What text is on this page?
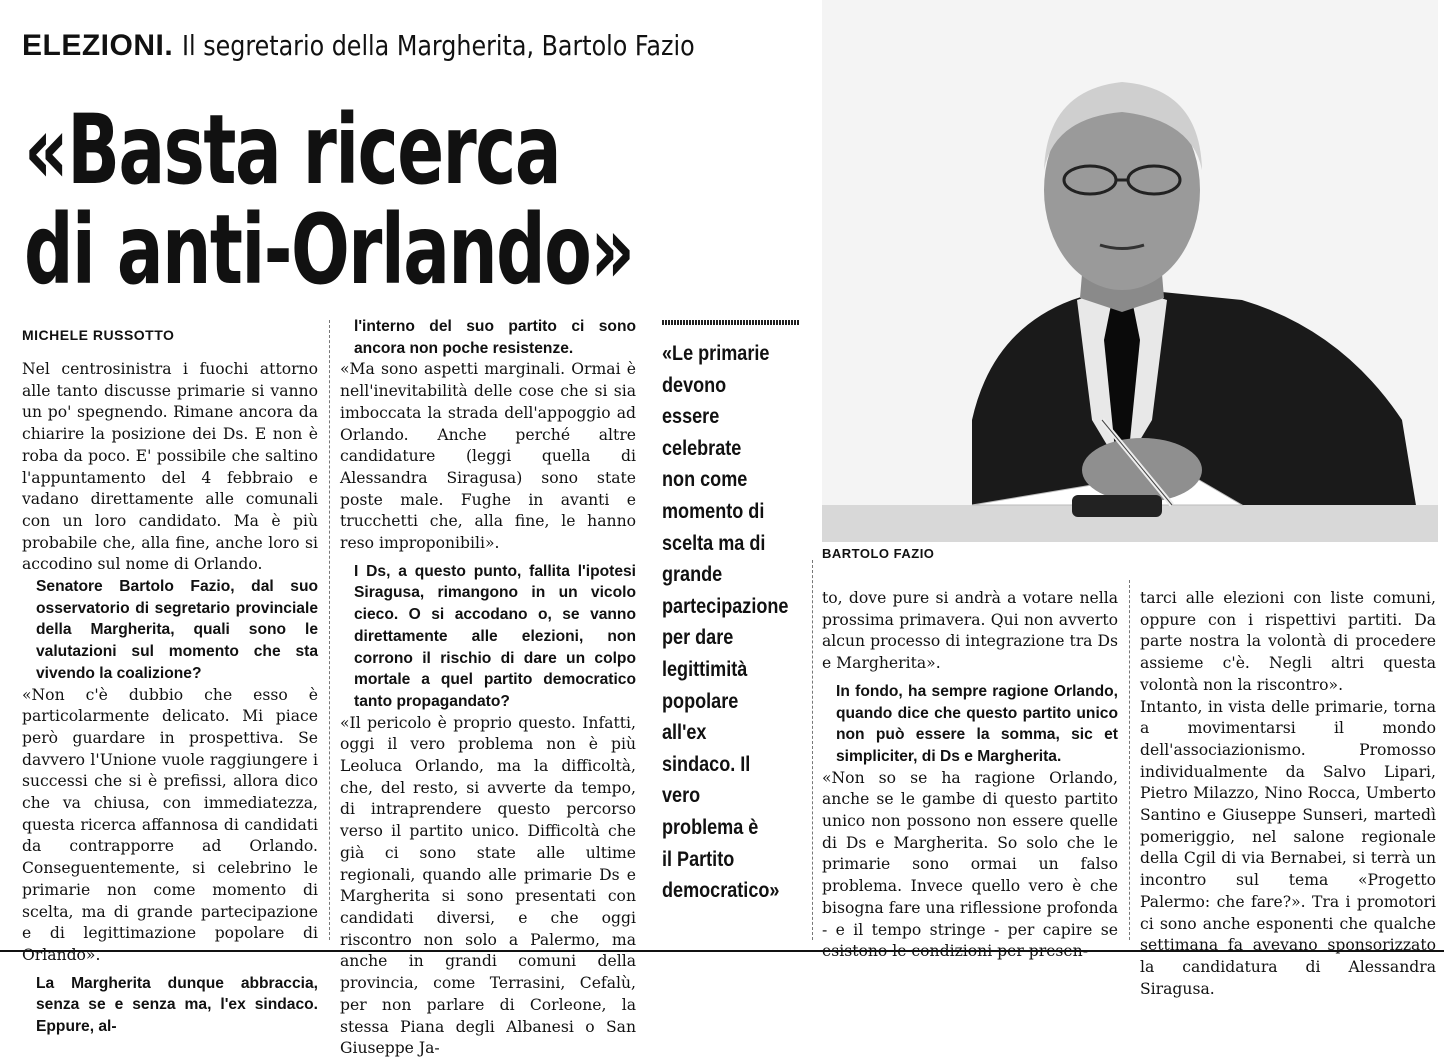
ELEZIONI. Il segretario della Margherita, Bartolo Fazio
«Basta ricerca
di anti-Orlando»
MICHELE RUSSOTTO

Nel centrosinistra i fuochi attorno alle tanto discusse primarie si vanno un po' spegnendo. Rimane ancora da chiarire la posizione dei Ds. E non è roba da poco. E' possibile che saltino l'appuntamento del 4 febbraio e vadano direttamente alle comunali con un loro candidato. Ma è più probabile che, alla fine, anche loro si accodino sul nome di Orlando.

Senatore Bartolo Fazio, dal suo osservatorio di segretario provinciale della Margherita, quali sono le valutazioni sul momento che sta vivendo la coalizione?

«Non c'è dubbio che esso è particolarmente delicato. Mi piace però guardare in prospettiva. Se davvero l'Unione vuole raggiungere i successi che si è prefissi, allora dico che va chiusa, con immediatezza, questa ricerca affannosa di candidati da contrapporre ad Orlando. Conseguentemente, si celebrino le primarie non come momento di scelta, ma di grande partecipazione e di legittimazione popolare di Orlando».

La Margherita dunque abbraccia, senza se e senza ma, l'ex sindaco. Eppure, al-

l'interno del suo partito ci sono ancora non poche resistenze.

«Ma sono aspetti marginali. Ormai è nell'inevitabilità delle cose che si sia imboccata la strada dell'appoggio ad Orlando. Anche perché altre candidature (leggi quella di Alessandra Siragusa) sono state poste male. Fughe in avanti e trucchetti che, alla fine, le hanno reso improponibili».

I Ds, a questo punto, fallita l'ipotesi Siragusa, rimangono in un vicolo cieco. O si accodano o, se vanno direttamente alle elezioni, non corrono il rischio di dare un colpo mortale a quel partito democratico tanto propagandato?

«Il pericolo è proprio questo. Infatti, oggi il vero problema non è più Leoluca Orlando, ma la difficoltà, che, del resto, si avverte da tempo, di intraprendere questo percorso verso il partito unico. Difficoltà che già ci sono state alle ultime regionali, quando alle primarie Ds e Margherita si sono presentati con candidati diversi, e che oggi riscontro non solo a Palermo, ma anche in grandi comuni della provincia, come Terrasini, Cefalù, per non parlare di Corleone, la stessa Piana degli Albanesi o San Giuseppe Ja-

«Le primarie
devono
essere
celebrate
non come
momento di
scelta ma di
grande
partecipazione
per dare
legittimità
popolare
all'ex
sindaco. Il
vero
problema è
il Partito
democratico»
BARTOLO FAZIO

to, dove pure si andrà a votare nella prossima primavera. Qui non avverto alcun processo di integrazione tra Ds e Margherita».

In fondo, ha sempre ragione Orlando, quando dice che questo partito unico non può essere la somma, sic et simpliciter, di Ds e Margherita.

«Non so se ha ragione Orlando, anche se le gambe di questo partito unico non possono non essere quelle di Ds e Margherita. So solo che le primarie sono ormai un falso problema. Invece quello vero è che bisogna fare una riflessione profonda - e il tempo stringe - per capire se esistono le condizioni per presen-

tarci alle elezioni con liste comuni, oppure con i rispettivi partiti. Da parte nostra la volontà di procedere assieme c'è. Negli altri questa volontà non la riscontro».

Intanto, in vista delle primarie, torna a movimentarsi il mondo dell'associazionismo. Promosso individualmente da Salvo Lipari, Pietro Milazzo, Nino Rocca, Umberto Santino e Giuseppe Sunseri, martedì pomeriggio, nel salone regionale della Cgil di via Bernabei, si terrà un incontro sul tema «Progetto Palermo: che fare?». Tra i promotori ci sono anche esponenti che qualche settimana fa avevano sponsorizzato la candidatura di Alessandra Siragusa.
